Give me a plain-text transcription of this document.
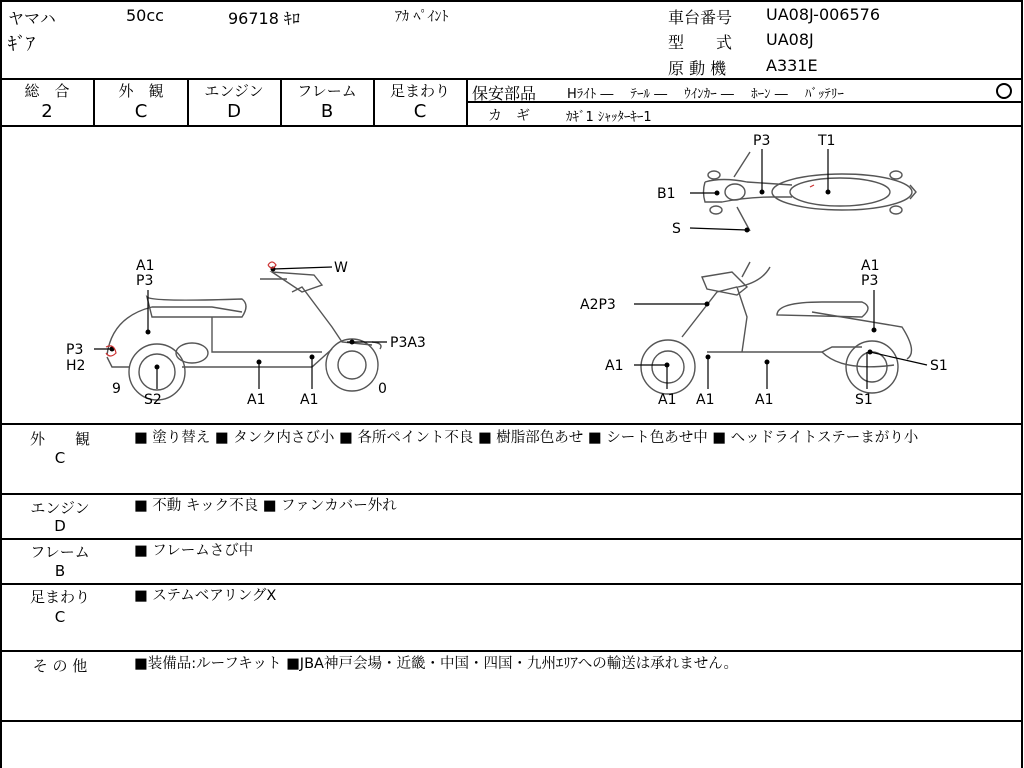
ヤマハ	50cc	96718 ｷﾛ	ｱｶ ﾍﾟｲﾝﾄ
ｷﾞｱ
車台番号 UA08J-006576
型　　式 UA08J
原 動 機 A331E
総　合
2
外　観
C
エンジン
D
フレーム
B
足まわり
C
保安部品 Hﾗｲﾄ ―　 ﾃｰﾙ ―　 ｳｲﾝｶｰ ―　 ﾎｰﾝ ―　 ﾊﾞｯﾃﾘｰ
カ　ギ	ｶｷﾞ1 ｼｬｯﾀｰｷｰ1
P3	T1
B1
S
A1
P3
W
P3
H2
P3A3
9
S2	A1 A1
0
A1
P3
A2P3
A1	S1
A1 A1	A1	S1
外　　観
C
■ 塗り替え ■ タンク内さび小 ■ 各所ペイント不良 ■ 樹脂部色あせ ■ シート色あせ中 ■ ヘッドライトステーまがり小
エンジン
D
■ 不動 キック不良 ■ ファンカバー外れ
フレーム
B
■ フレームさび中
足まわり
C
■ ステムベアリングX
そ の 他	■装備品:ルーフキット ■JBA神戸会場・近畿・中国・四国・九州ｴﾘｱへの輸送は承れません。
